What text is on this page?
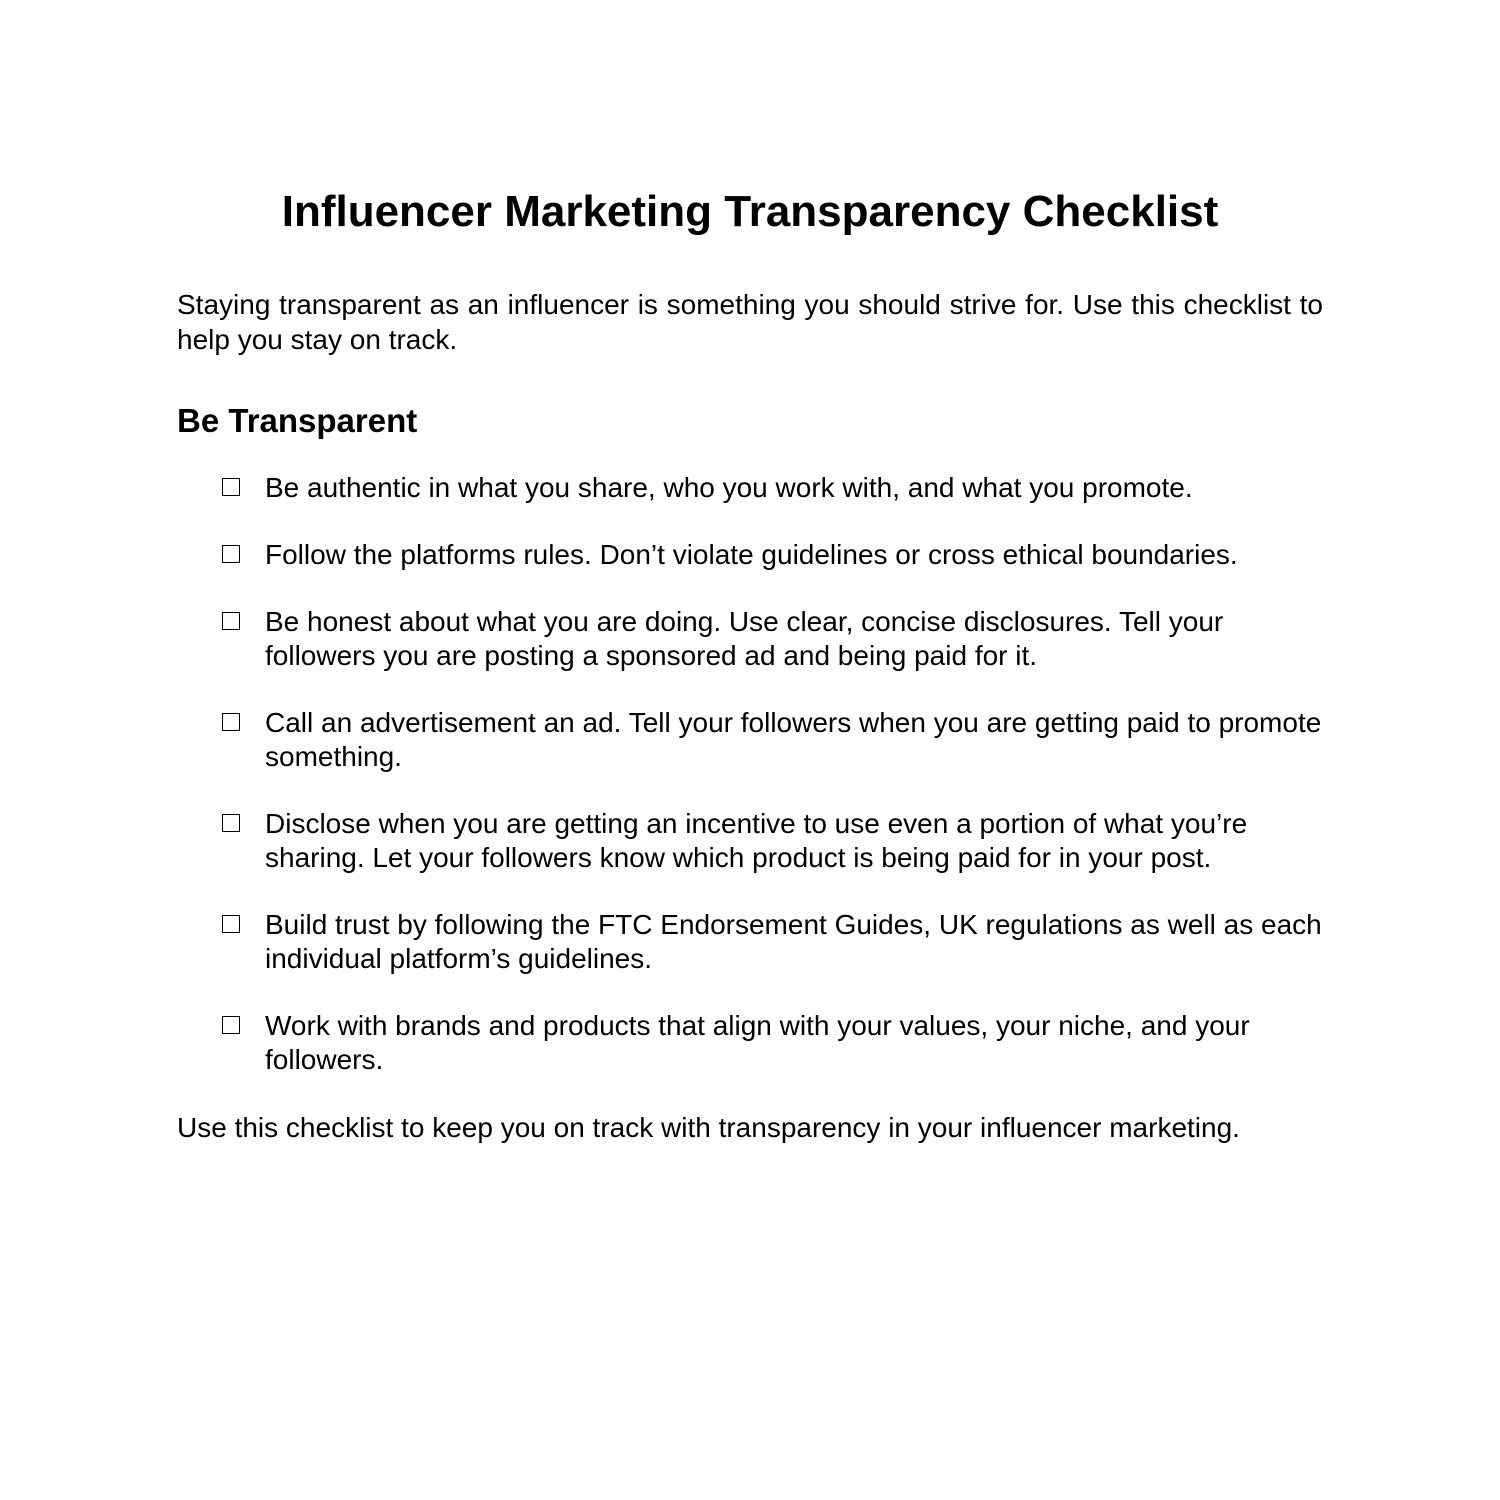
Influencer Marketing Transparency Checklist

Staying transparent as an influencer is something you should strive for. Use this checklist to help you stay on track.

Be Transparent
Be authentic in what you share, who you work with, and what you promote.
Follow the platforms rules. Don’t violate guidelines or cross ethical boundaries.
Be honest about what you are doing. Use clear, concise disclosures. Tell your followers you are posting a sponsored ad and being paid for it.
Call an advertisement an ad. Tell your followers when you are getting paid to promote something.
Disclose when you are getting an incentive to use even a portion of what you’re sharing. Let your followers know which product is being paid for in your post.
Build trust by following the FTC Endorsement Guides, UK regulations as well as each individual platform’s guidelines.
Work with brands and products that align with your values, your niche, and your followers.

Use this checklist to keep you on track with transparency in your influencer marketing.
